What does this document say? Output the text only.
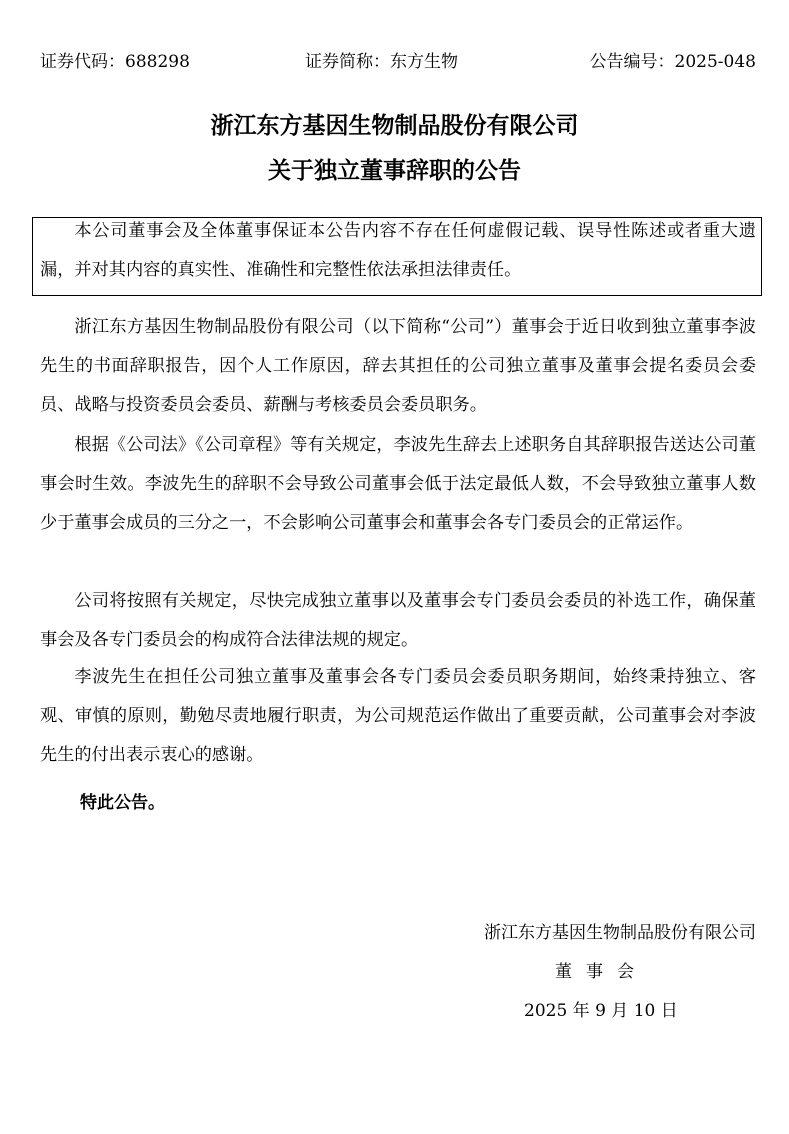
证券代码：688298	证券简称：东方生物	公告编号：2025-048
浙江东方基因生物制品股份有限公司
关于独立董事辞职的公告

本公司董事会及全体董事保证本公告内容不存在任何虚假记载、误导性陈述或者重大遗漏，并对其内容的真实性、准确性和完整性依法承担法律责任。

浙江东方基因生物制品股份有限公司（以下简称“公司”）董事会于近日收到独立董事李波先生的书面辞职报告，因个人工作原因，辞去其担任的公司独立董事及董事会提名委员会委员、战略与投资委员会委员、薪酬与考核委员会委员职务。

根据《公司法》《公司章程》等有关规定，李波先生辞去上述职务自其辞职报告送达公司董事会时生效。李波先生的辞职不会导致公司董事会低于法定最低人数，不会导致独立董事人数少于董事会成员的三分之一，不会影响公司董事会和董事会各专门委员会的正常运作。

公司将按照有关规定，尽快完成独立董事以及董事会专门委员会委员的补选工作，确保董事会及各专门委员会的构成符合法律法规的规定。

李波先生在担任公司独立董事及董事会各专门委员会委员职务期间，始终秉持独立、客观、审慎的原则，勤勉尽责地履行职责，为公司规范运作做出了重要贡献，公司董事会对李波先生的付出表示衷心的感谢。

特此公告。
浙江东方基因生物制品股份有限公司
董事会
2025 年 9 月 10 日
